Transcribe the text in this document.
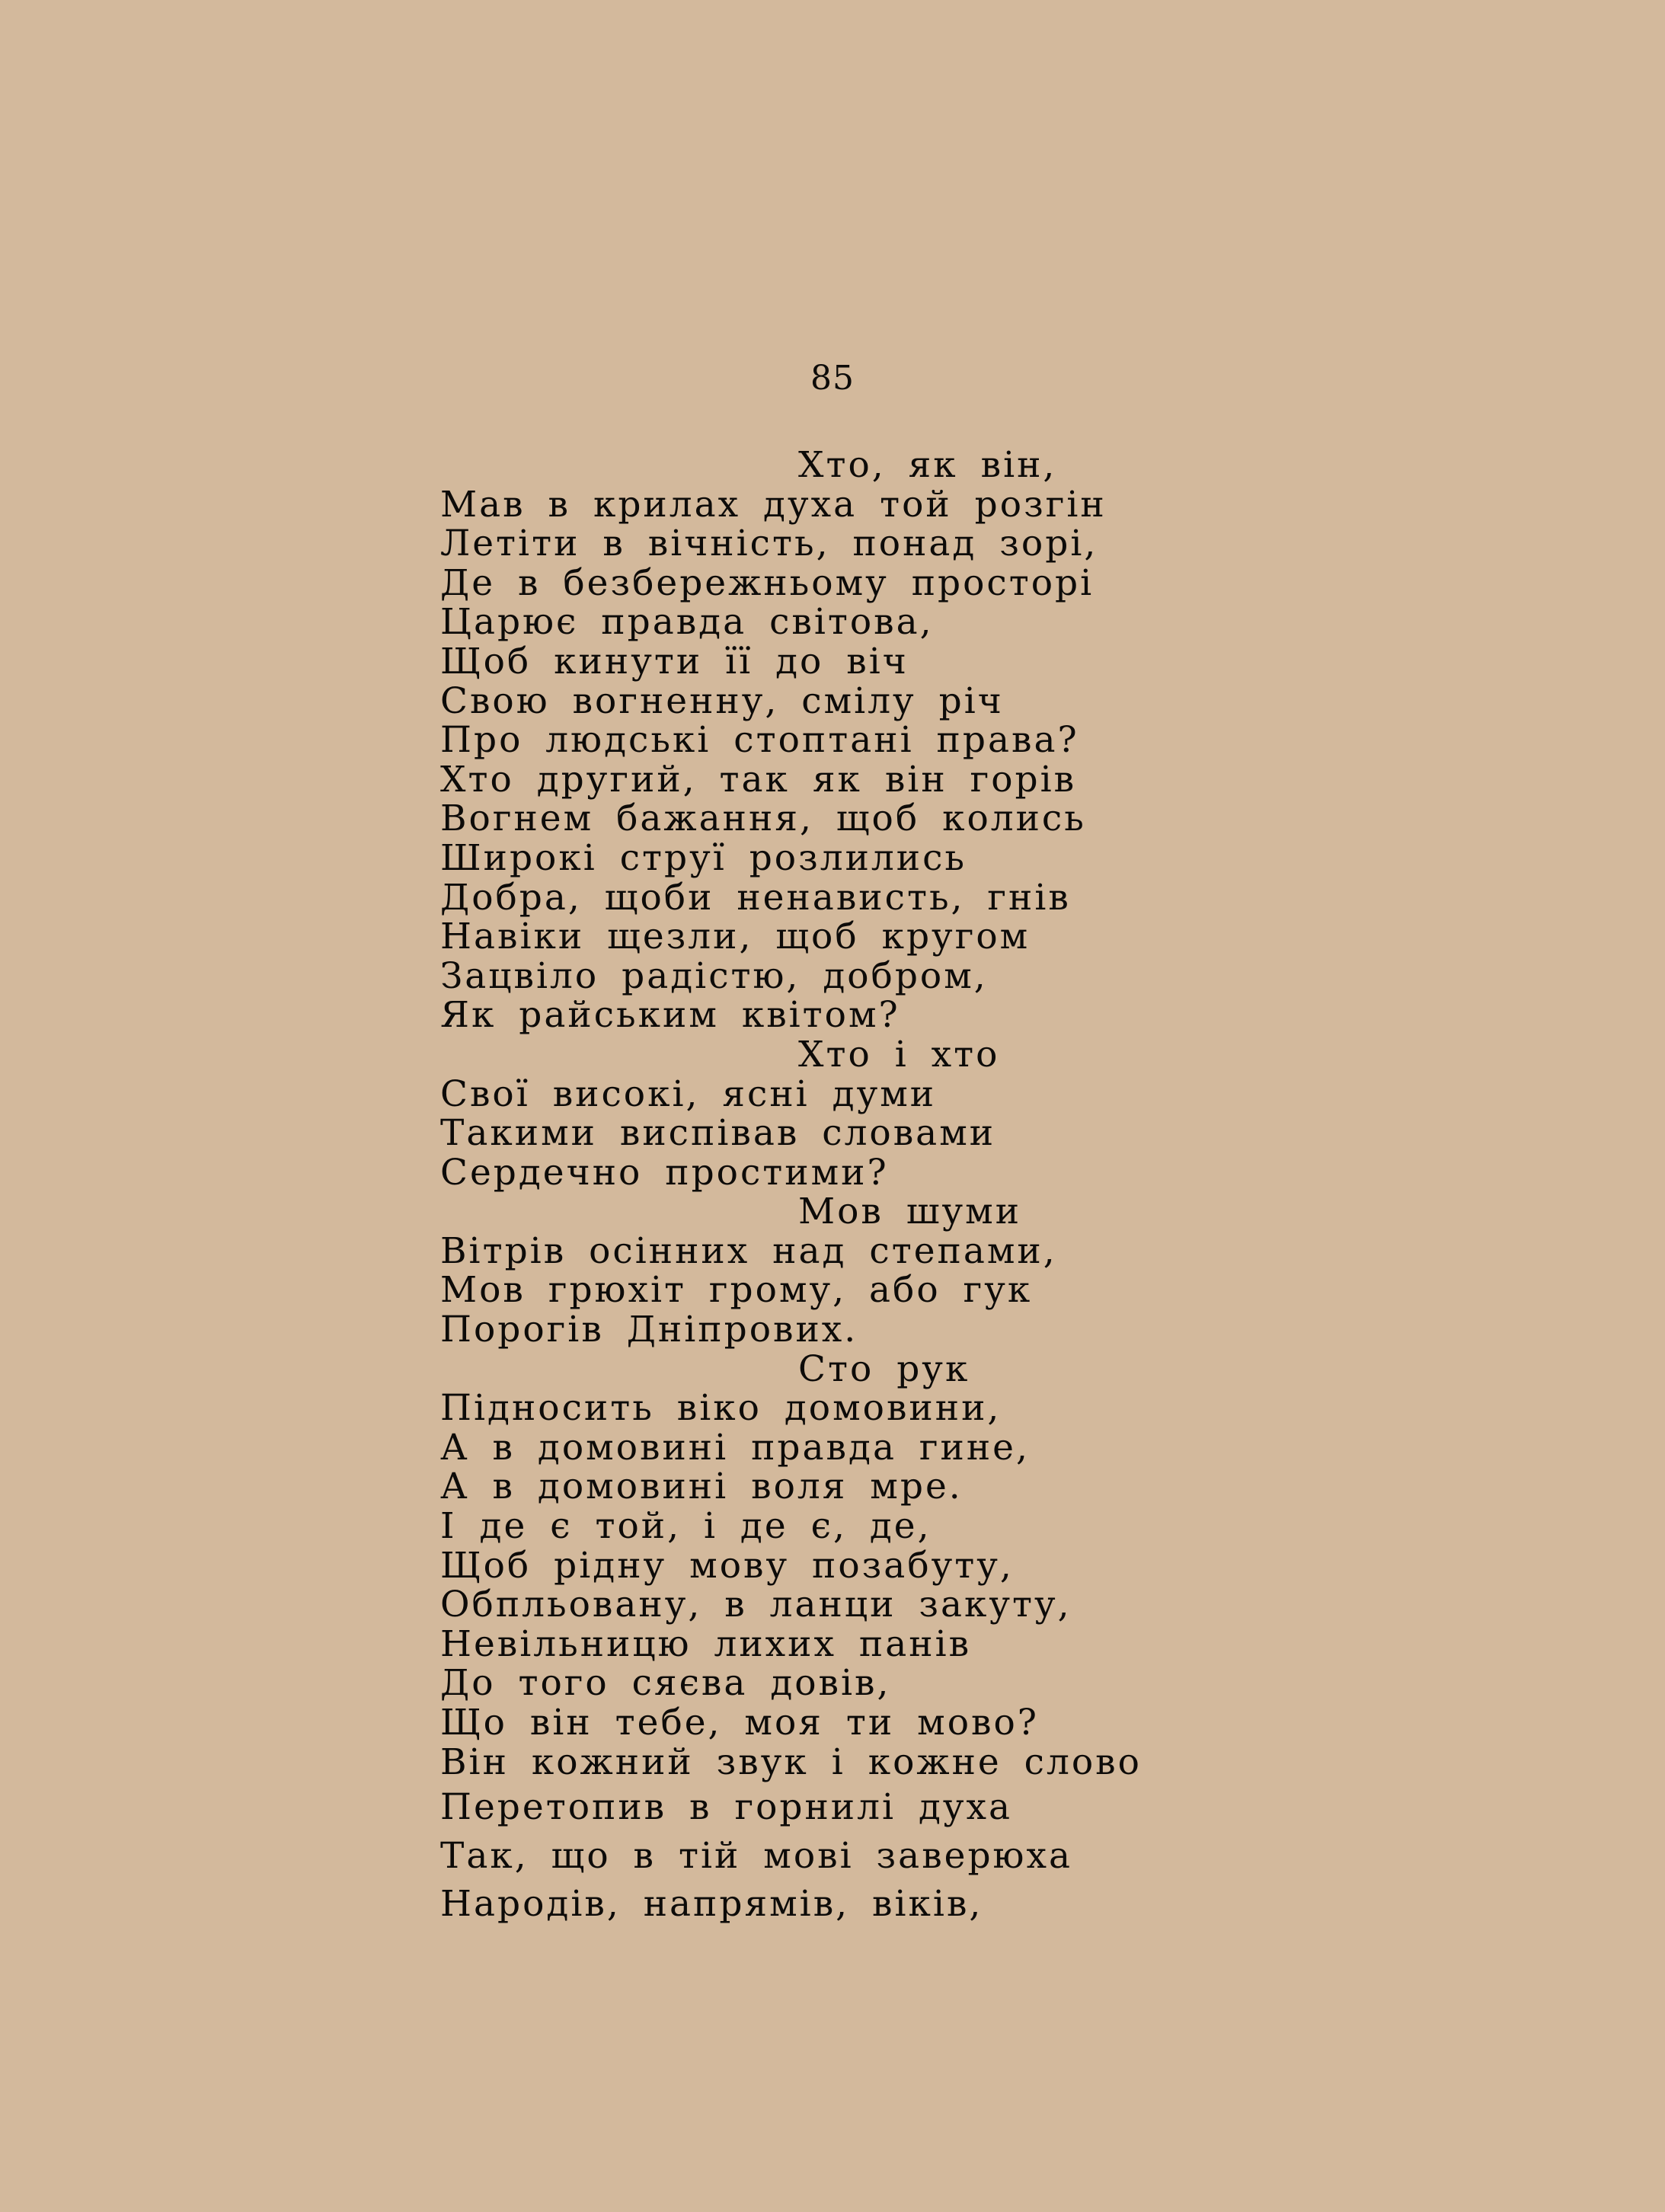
85
Хто, як він,
Мав в крилах духа той розгін
Летіти в вічність, понад зорі,
Де в безбережньому просторі
Царює правда світова,
Щоб кинути її до віч
Свою вогненну, смілу річ
Про людські стоптані права?
Хто другий, так як він горів
Вогнем бажання, щоб колись
Широкі струї розлились
Добра, щоби ненависть, гнів
Навіки щезли, щоб кругом
Зацвіло радістю, добром,
Як райським квітом?
Хто і хто
Свої високі, ясні думи
Такими виспівав словами
Сердечно простими?
Мов шуми
Вітрів осінних над степами,
Мов грюхіт грому, або гук
Порогів Дніпрових.
Сто рук
Підносить віко домовини,
А в домовині правда гине,
А в домовині воля мре.
І де є той, і де є, де,
Щоб рідну мову позабуту,
Обпльовану, в ланци закуту,
Невільницю лихих панів
До того сяєва довів,
Що він тебе, моя ти мово?
Він кожний звук і кожне слово
Перетопив в горнилі духа
Так, що в тій мові заверюха
Народів, напрямів, віків,
